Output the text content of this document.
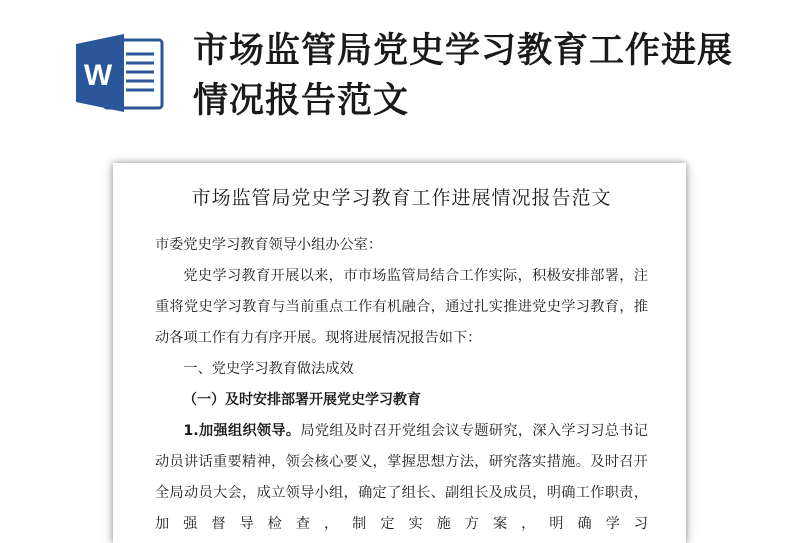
W
市场监管局党史学习教育工作进展情况报告范文
市场监管局党史学习教育工作进展情况报告范文

市委党史学习教育领导小组办公室：

党史学习教育开展以来，市市场监管局结合工作实际，积极安排部署，注重将党史学习教育与当前重点工作有机融合，通过扎实推进党史学习教育，推动各项工作有力有序开展。现将进展情况报告如下：

一、党史学习教育做法成效

（一）及时安排部署开展党史学习教育

1.加强组织领导。局党组及时召开党组会议专题研究，深入学习习总书记动员讲话重要精神，领会核心要义，掌握思想方法，研究落实措施。及时召开全局动员大会，成立领导小组，确定了组长、副组长及成员，明确工作职责，加强督导检查，制定实施方案，明确学习
